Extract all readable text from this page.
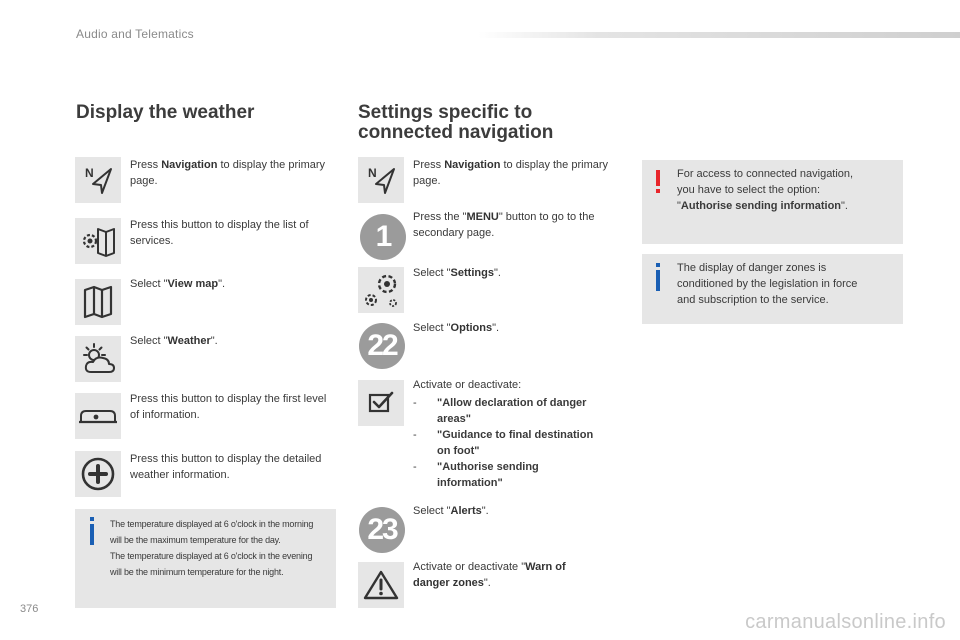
Audio and Telematics
Display the weather
N
Press Navigation to display the primary page.
Press this button to display the list of services.
Select "View map".
Select "Weather".
Press this button to display the first level of information.
Press this button to display the detailed weather information.
The temperature displayed at 6 o'clock in the morning
will be the maximum temperature for the day.
The temperature displayed at 6 o'clock in the evening
will be the minimum temperature for the night.
Settings specific to
connected navigation
N
Press Navigation to display the primary page.
1
Press the "MENU" button to go to the secondary page.
Select "Settings".
22
Select "Options".
Activate or deactivate:
- "Allow declaration of danger
areas"
- "Guidance to final destination
on foot"
- "Authorise sending
information"
23
Select "Alerts".
Activate or deactivate "Warn of
danger zones".
For access to connected navigation,
you have to select the option:
"Authorise sending information".
The display of danger zones is
conditioned by the legislation in force
and subscription to the service.
376
carmanualsonline.info
